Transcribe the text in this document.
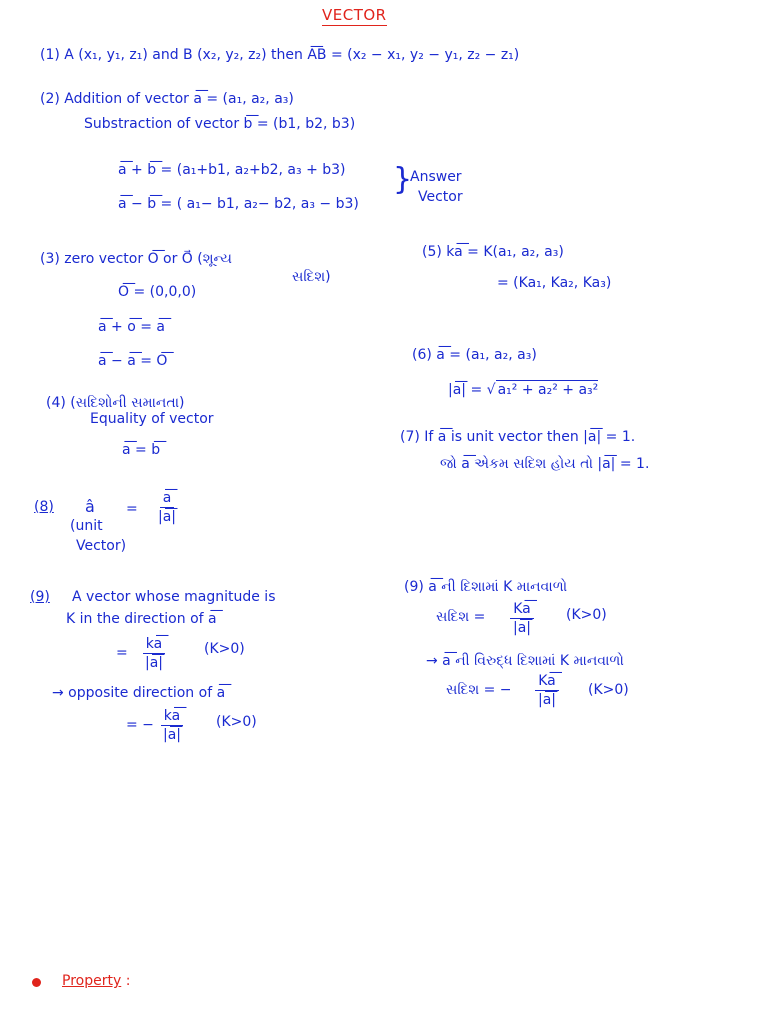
VECTOR
(1) A (x₁, y₁, z₁) and B (x₂, y₂, z₂) then A͞B = (x₂ − x₁, y₂ − y₁, z₂ − z₁)
(2) Addition of vector a͞ = (a₁, a₂, a₃)
Substraction of vector b͞ = (b1, b2, b3)
a͞ + b͞ = (a₁+b1, a₂+b2, a₃ + b3)
a͞ − b͞ = ( a₁− b1, a₂− b2, a₃ − b3)
}
Answer
Vector
(3) zero vector O͞ or O⃗ (શૂન્ય
સદિશ)
O͞ = (0,0,0)
a͞ + o͞ = a͞
a͞ − a͞ = O͞
(4) (સદિશોની સમાનતા)
Equality of vector
a͞ = b͞
(5) ka͞ = K(a₁, a₂, a₃)
= (Ka₁, Ka₂, Ka₃)
(6) a͞ = (a₁, a₂, a₃)
|a͞| = √ a₁² + a₂² + a₃²
(7) If a͞ is unit vector then |a͞| = 1.
જો a͞ એકમ સદિશ હોય તો |a͞| = 1.
(8) â = $\frac{a͞}{|a͞|}$
(unit
Vector)
(9) A vector whose magnitude is
K in the direction of a͞
= $\frac{ka͞}{|a͞|}$	(K>0)
→ opposite direction of a͞
= − $\frac{ka͞}{|a͞|} (K>0)$
(9) a͞ ની દિશામાં K માનવાળો
સદિશ = $\frac{Ka͞}{|a͞|} (K>0)$
→ a͞ ની વિરુદ્ધ દિશામાં K માનવાળો
સદિશ = − $\frac{Ka͞}{|a͞|} (K>0)$
Property :
